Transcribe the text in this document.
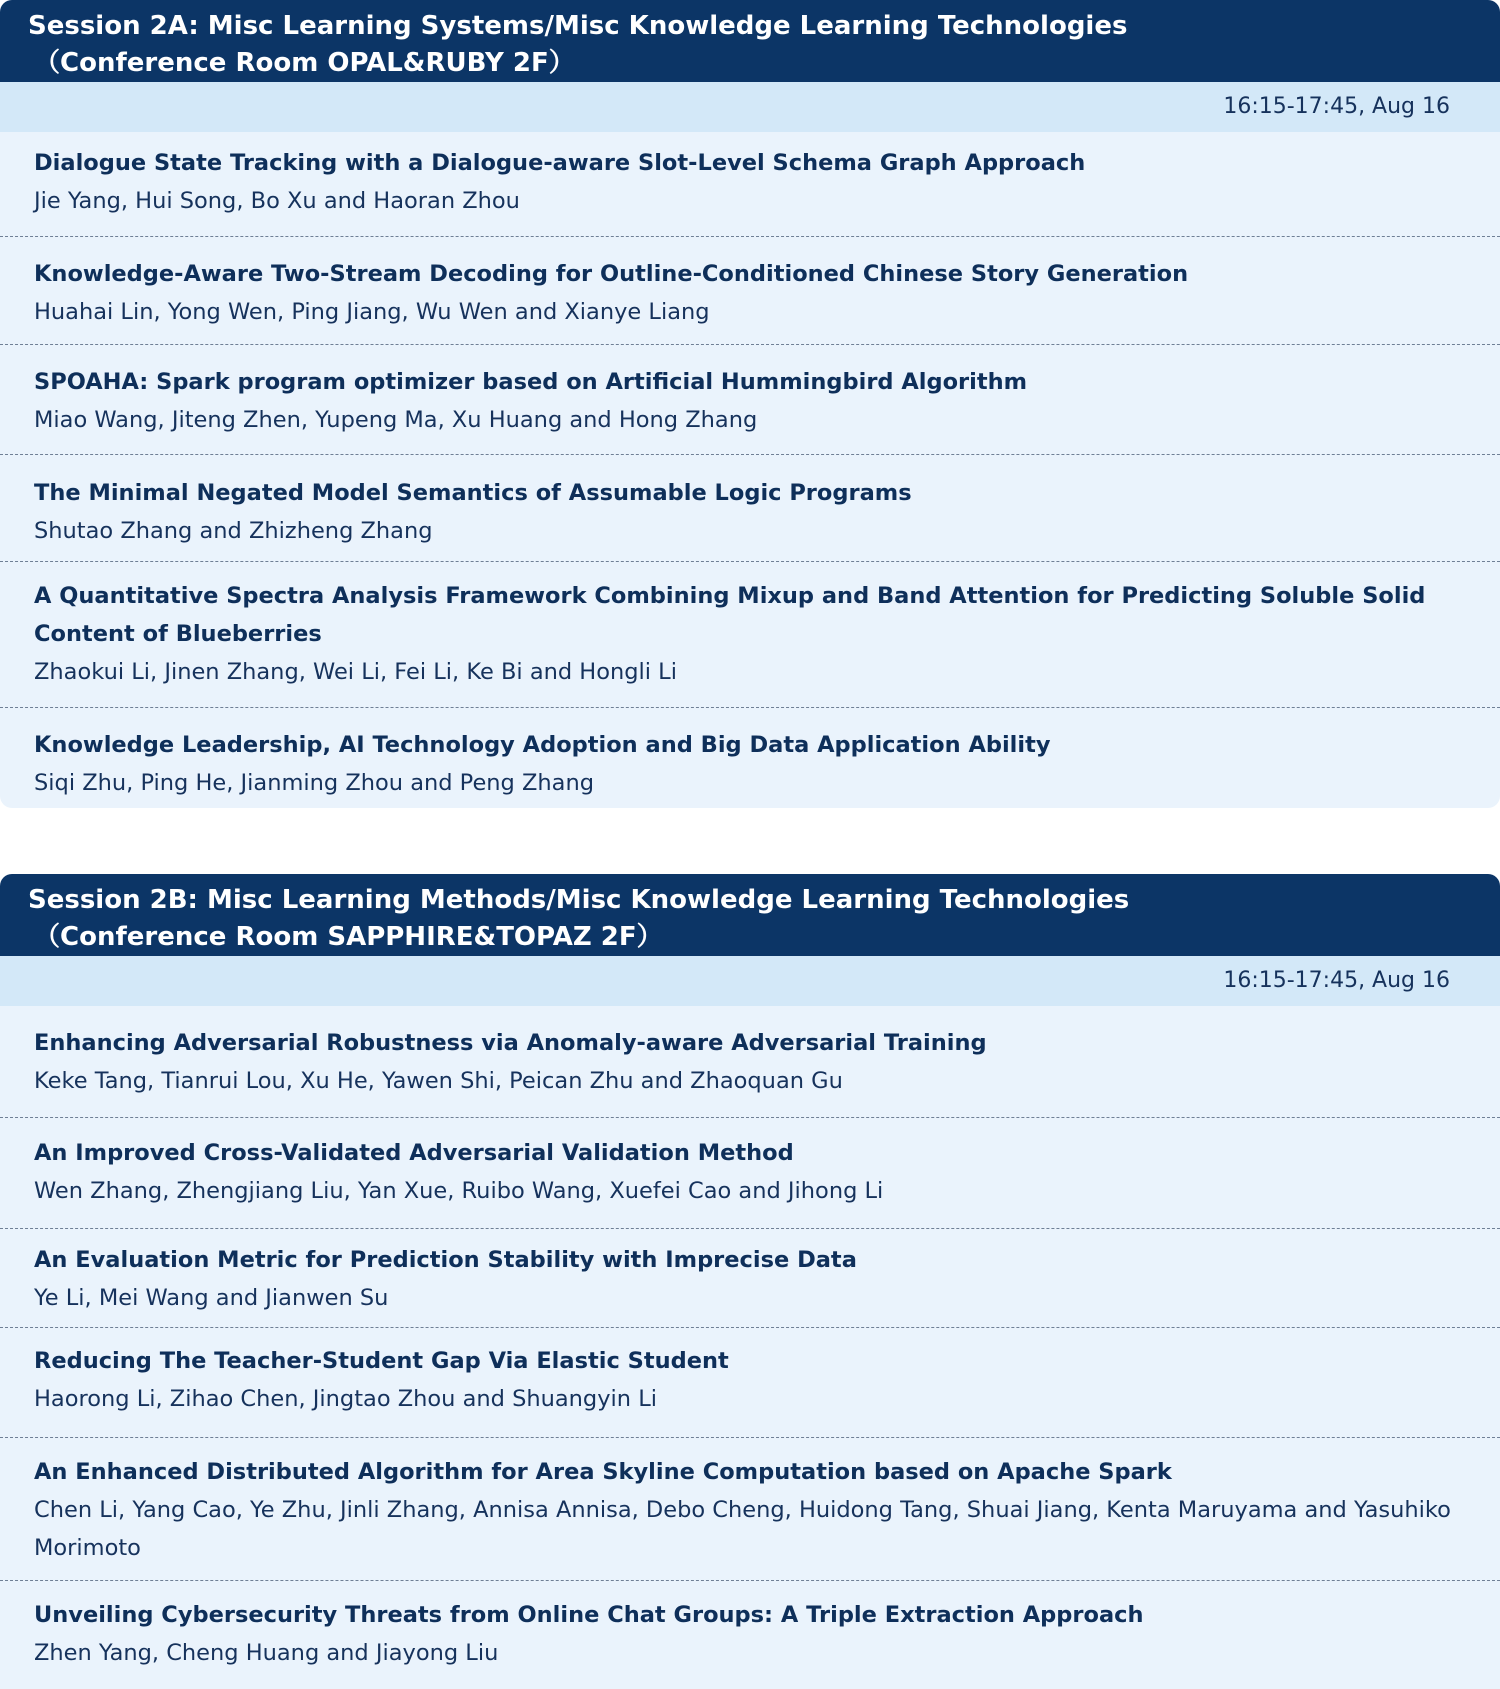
Session 2A: Misc Learning Systems/Misc Knowledge Learning Technologies
（Conference Room OPAL&RUBY 2F）
16:15-17:45, Aug 16
Dialogue State Tracking with a Dialogue-aware Slot-Level Schema Graph Approach
Jie Yang, Hui Song, Bo Xu and Haoran Zhou
Knowledge-Aware Two-Stream Decoding for Outline-Conditioned Chinese Story Generation
Huahai Lin, Yong Wen, Ping Jiang, Wu Wen and Xianye Liang
SPOAHA: Spark program optimizer based on Artificial Hummingbird Algorithm
Miao Wang, Jiteng Zhen, Yupeng Ma, Xu Huang and Hong Zhang
The Minimal Negated Model Semantics of Assumable Logic Programs
Shutao Zhang and Zhizheng Zhang
A Quantitative Spectra Analysis Framework Combining Mixup and Band Attention for Predicting Soluble Solid Content of Blueberries
Zhaokui Li, Jinen Zhang, Wei Li, Fei Li, Ke Bi and Hongli Li
Knowledge Leadership, AI Technology Adoption and Big Data Application Ability
Siqi Zhu, Ping He, Jianming Zhou and Peng Zhang
Session 2B: Misc Learning Methods/Misc Knowledge Learning Technologies
（Conference Room SAPPHIRE&TOPAZ 2F）
16:15-17:45, Aug 16
Enhancing Adversarial Robustness via Anomaly-aware Adversarial Training
Keke Tang, Tianrui Lou, Xu He, Yawen Shi, Peican Zhu and Zhaoquan Gu
An Improved Cross-Validated Adversarial Validation Method
Wen Zhang, Zhengjiang Liu, Yan Xue, Ruibo Wang, Xuefei Cao and Jihong Li
An Evaluation Metric for Prediction Stability with Imprecise Data
Ye Li, Mei Wang and Jianwen Su
Reducing The Teacher-Student Gap Via Elastic Student
Haorong Li, Zihao Chen, Jingtao Zhou and Shuangyin Li
An Enhanced Distributed Algorithm for Area Skyline Computation based on Apache Spark
Chen Li, Yang Cao, Ye Zhu, Jinli Zhang, Annisa Annisa, Debo Cheng, Huidong Tang, Shuai Jiang, Kenta Maruyama and Yasuhiko Morimoto
Unveiling Cybersecurity Threats from Online Chat Groups: A Triple Extraction Approach
Zhen Yang, Cheng Huang and Jiayong Liu
